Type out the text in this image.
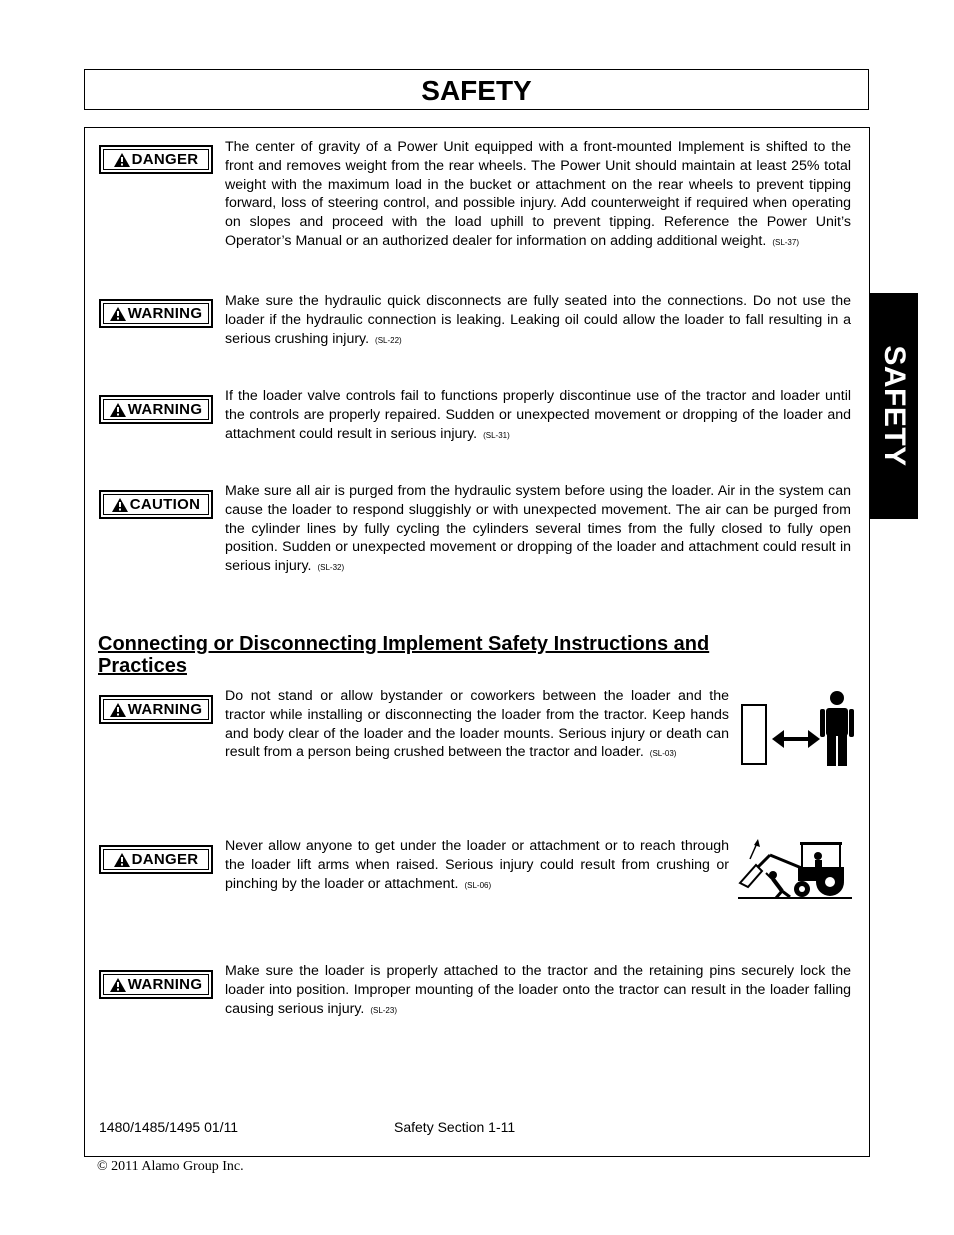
SAFETY
SAFETY
DANGER
The center of gravity of a Power Unit equipped with a front-mounted Implement is shifted to the front and removes weight from the rear wheels. The Power Unit should maintain at least 25% total weight with the maximum load in the bucket or attachment on the rear wheels to prevent tipping forward, loss of steering control, and possible injury. Add counterweight if required when operating on slopes and proceed with the load uphill to prevent tipping. Reference the Power Unit’s Operator’s Manual or an authorized dealer for information on adding additional weight. (SL-37)
WARNING
Make sure the hydraulic quick disconnects are fully seated into the connections. Do not use the loader if the hydraulic connection is leaking. Leaking oil could allow the loader to fall resulting in a serious crushing injury. (SL-22)
WARNING
If the loader valve controls fail to functions properly discontinue use of the tractor and loader until the controls are properly repaired. Sudden or unexpected movement or dropping of the loader and attachment could result in serious injury. (SL-31)
CAUTION
Make sure all air is purged from the hydraulic system before using the loader. Air in the system can cause the loader to respond sluggishly or with unexpected movement. The air can be purged from the cylinder lines by fully cycling the cylinders several times from the fully closed to fully open position. Sudden or unexpected movement or dropping of the loader and attachment could result in serious injury. (SL-32)
Connecting or Disconnecting Implement Safety Instructions and Practices
WARNING
Do not stand or allow bystander or coworkers between the loader and the tractor while installing or disconnecting the loader from the tractor. Keep hands and body clear of the loader and the loader mounts. Serious injury or death can result from a person being crushed between the tractor and loader. (SL-03)
DANGER
Never allow anyone to get under the loader or attachment or to reach through the loader lift arms when raised. Serious injury could result from crushing or pinching by the loader or attachment. (SL-06)
WARNING
Make sure the loader is properly attached to the tractor and the retaining pins securely lock the loader into position. Improper mounting of the loader onto the tractor can result in the loader falling causing serious injury. (SL-23)
1480/1485/1495 01/11	Safety Section 1-11
© 2011 Alamo Group Inc.
